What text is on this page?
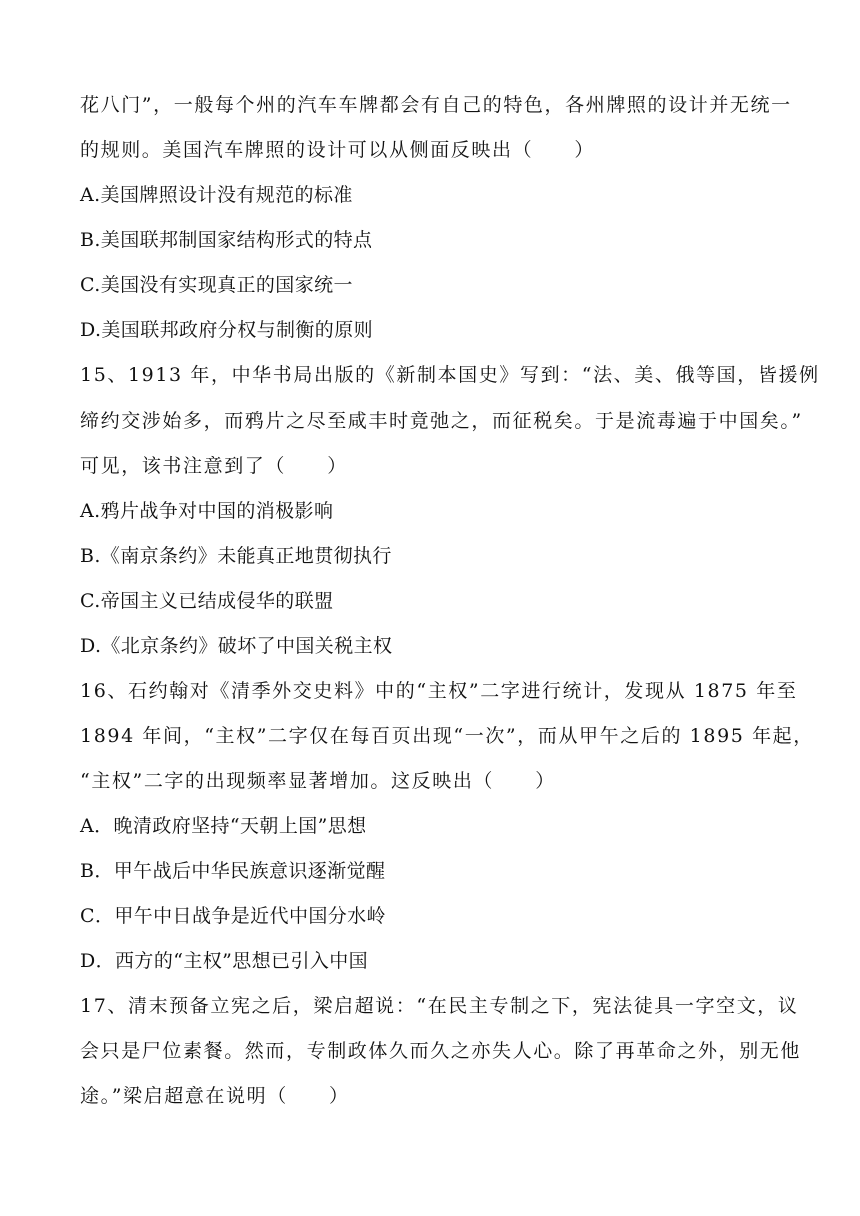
花八门”，一般每个州的汽车车牌都会有自己的特色，各州牌照的设计并无统一
的规则。美国汽车牌照的设计可以从侧面反映出（　　）
A.美国牌照设计没有规范的标准
B.美国联邦制国家结构形式的特点
C.美国没有实现真正的国家统一
D.美国联邦政府分权与制衡的原则
15、1913 年，中华书局出版的《新制本国史》写到：“法、美、俄等国，皆援例
缔约交涉始多，而鸦片之尽至咸丰时竟弛之，而征税矣。于是流毒遍于中国矣。”
可见，该书注意到了（　　）
A.鸦片战争对中国的消极影响
B.《南京条约》未能真正地贯彻执行
C.帝国主义已结成侵华的联盟
D.《北京条约》破坏了中国关税主权
16、石约翰对《清季外交史料》中的“主权”二字进行统计，发现从 1875 年至
1894 年间，“主权”二字仅在每百页出现“一次”，而从甲午之后的 1895 年起，
“主权”二字的出现频率显著增加。这反映出（　　）
A．晚清政府坚持“天朝上国”思想
B．甲午战后中华民族意识逐渐觉醒
C．甲午中日战争是近代中国分水岭
D．西方的“主权”思想已引入中国
17、清末预备立宪之后，梁启超说：“在民主专制之下，宪法徒具一字空文，议
会只是尸位素餐。然而，专制政体久而久之亦失人心。除了再革命之外，别无他
途。”梁启超意在说明（　　）
